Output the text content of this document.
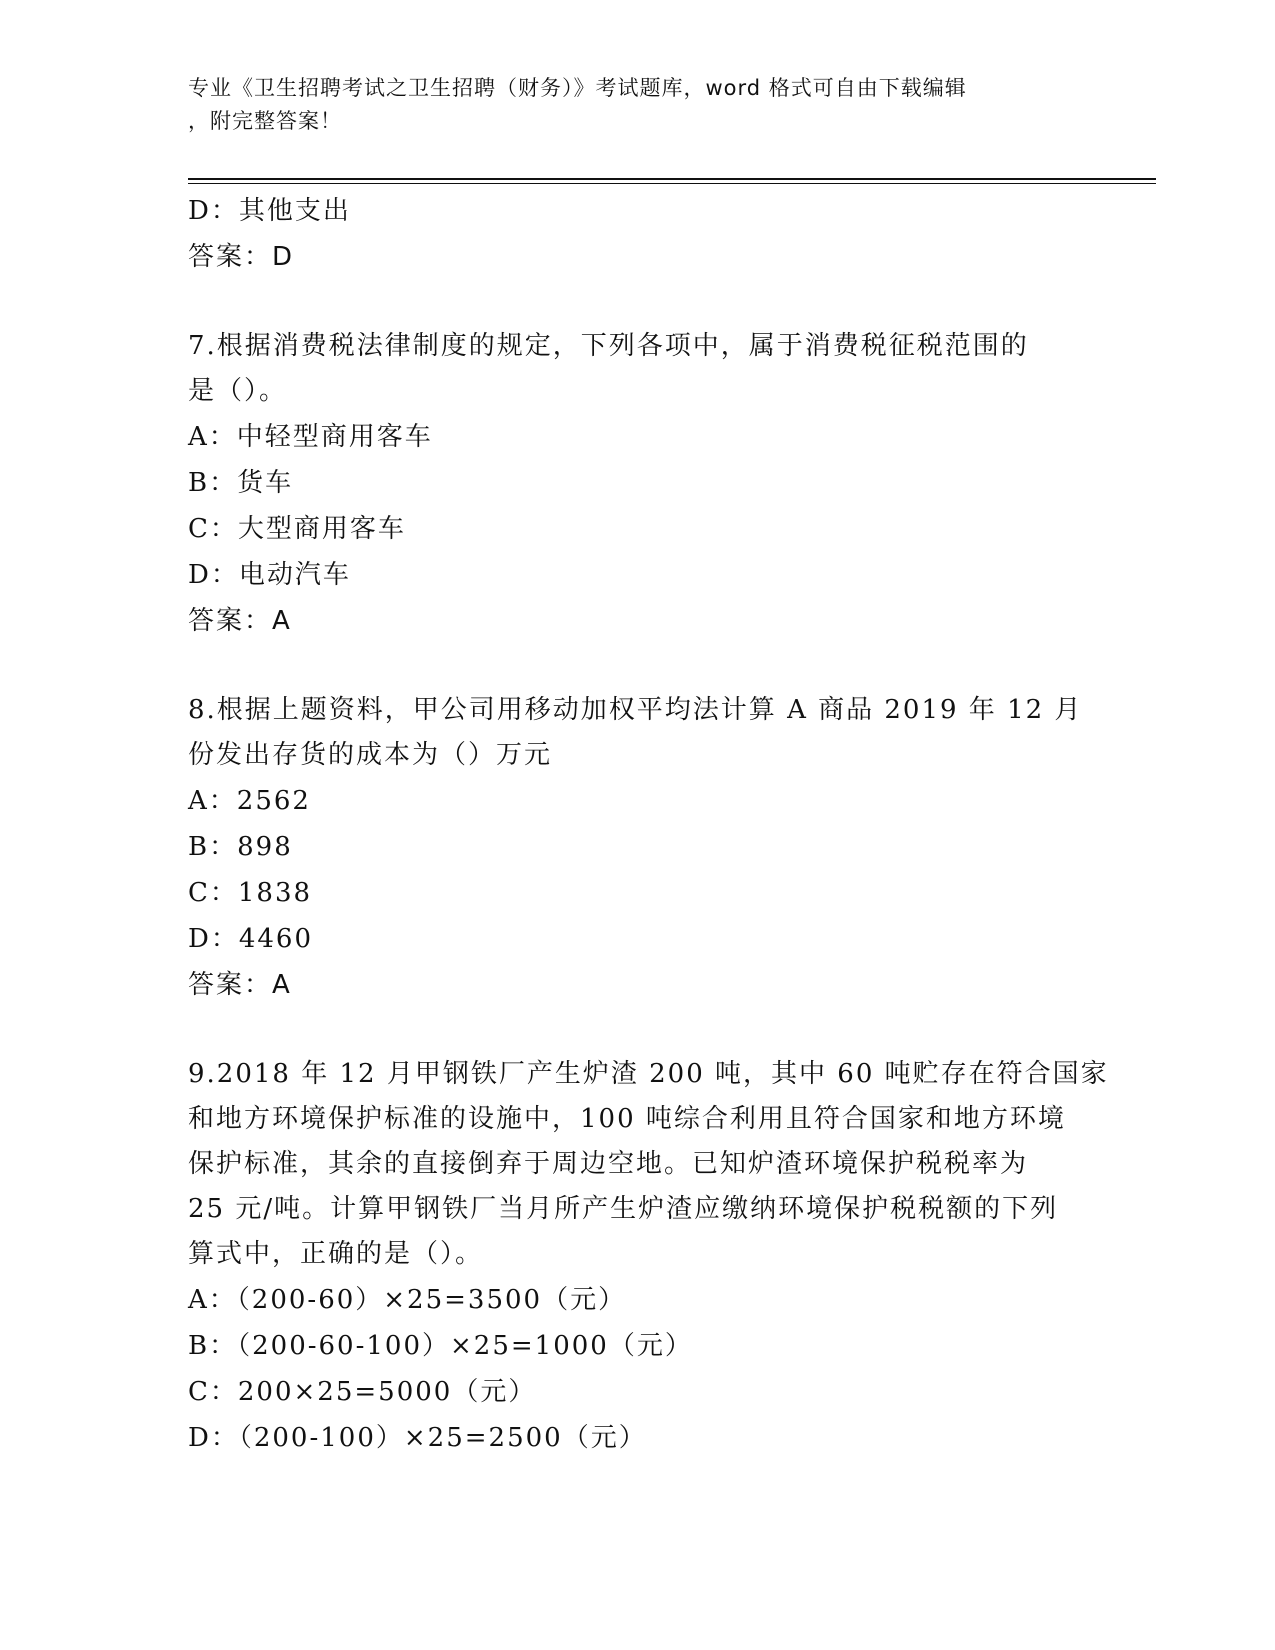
专业《卫生招聘考试之卫生招聘（财务）》考试题库，word 格式可自由下载编辑
，附完整答案！
D：其他支出
答案：D
7.根据消费税法律制度的规定，下列各项中，属于消费税征税范围的
是（）。
A：中轻型商用客车
B：货车
C：大型商用客车
D：电动汽车
答案：A
8.根据上题资料，甲公司用移动加权平均法计算 A 商品 2019 年 12 月
份发出存货的成本为（）万元
A：2562
B：898
C：1838
D：4460
答案：A
9.2018 年 12 月甲钢铁厂产生炉渣 200 吨，其中 60 吨贮存在符合国家
和地方环境保护标准的设施中，100 吨综合利用且符合国家和地方环境
保护标准，其余的直接倒弃于周边空地。已知炉渣环境保护税税率为
25 元/吨。计算甲钢铁厂当月所产生炉渣应缴纳环境保护税税额的下列
算式中，正确的是（）。
A：（200-60）×25=3500（元）
B：（200-60-100）×25=1000（元）
C：200×25=5000（元）
D：（200-100）×25=2500（元）
